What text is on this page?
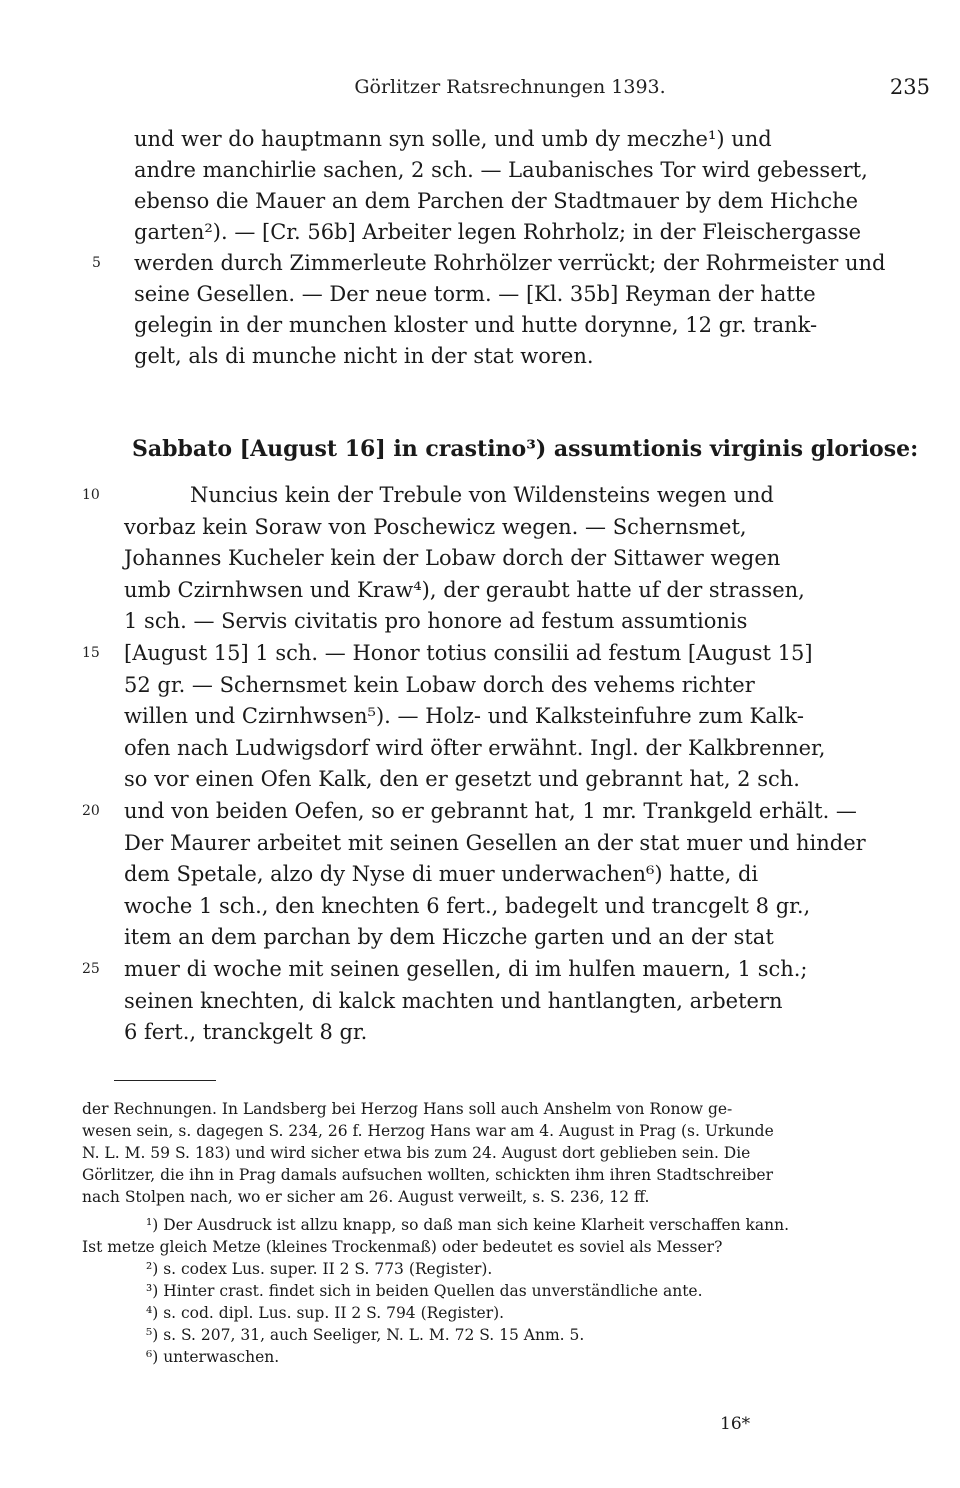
Görlitzer Ratsrechnungen 1393.	235
und wer do hauptmann syn solle, und umb dy meczhe¹) und
andre manchirlie sachen, 2 sch. — Laubanisches Tor wird gebessert,
ebenso die Mauer an dem Parchen der Stadtmauer by dem Hichche
garten²). — [Cr. 56b] Arbeiter legen Rohrholz; in der Fleischergasse
5	werden durch Zimmerleute Rohrhölzer verrückt; der Rohrmeister und
seine Gesellen. — Der neue torm. — [Kl. 35b] Reyman der hatte
gelegin in der munchen kloster und hutte dorynne, 12 gr. trank-
gelt, als di munche nicht in der stat woren.
Sabbato [August 16] in crastino³) assumtionis virginis gloriose:
10	Nuncius kein der Trebule von Wildensteins wegen und
vorbaz kein Soraw von Poschewicz wegen. — Schernsmet,
Johannes Kucheler kein der Lobaw dorch der Sittawer wegen
umb Czirnhwsen und Kraw⁴), der geraubt hatte uf der strassen,
1 sch. — Servis civitatis pro honore ad festum assumtionis
15	[August 15] 1 sch. — Honor totius consilii ad festum [August 15]
52 gr. — Schernsmet kein Lobaw dorch des vehems richter
willen und Czirnhwsen⁵). — Holz- und Kalksteinfuhre zum Kalk-
ofen nach Ludwigsdorf wird öfter erwähnt. Ingl. der Kalkbrenner,
so vor einen Ofen Kalk, den er gesetzt und gebrannt hat, 2 sch.
20	und von beiden Oefen, so er gebrannt hat, 1 mr. Trankgeld erhält. —
Der Maurer arbeitet mit seinen Gesellen an der stat muer und hinder
dem Spetale, alzo dy Nyse di muer underwachen⁶) hatte, di
woche 1 sch., den knechten 6 fert., badegelt und trancgelt 8 gr.,
item an dem parchan by dem Hiczche garten und an der stat
25	muer di woche mit seinen gesellen, di im hulfen mauern, 1 sch.;
seinen knechten, di kalck machten und hantlangten, arbetern
6 fert., tranckgelt 8 gr.
der Rechnungen. In Landsberg bei Herzog Hans soll auch Anshelm von Ronow ge-
wesen sein, s. dagegen S. 234, 26 f. Herzog Hans war am 4. August in Prag (s. Urkunde
N. L. M. 59 S. 183) und wird sicher etwa bis zum 24. August dort geblieben sein. Die
Görlitzer, die ihn in Prag damals aufsuchen wollten, schickten ihm ihren Stadtschreiber
nach Stolpen nach, wo er sicher am 26. August verweilt, s. S. 236, 12 ff.
¹) Der Ausdruck ist allzu knapp, so daß man sich keine Klarheit verschaffen kann.
Ist metze gleich Metze (kleines Trockenmaß) oder bedeutet es soviel als Messer?
²) s. codex Lus. super. II 2 S. 773 (Register).
³) Hinter crast. findet sich in beiden Quellen das unverständliche ante.
⁴) s. cod. dipl. Lus. sup. II 2 S. 794 (Register).
⁵) s. S. 207, 31, auch Seeliger, N. L. M. 72 S. 15 Anm. 5.
⁶) unterwaschen.
16*
